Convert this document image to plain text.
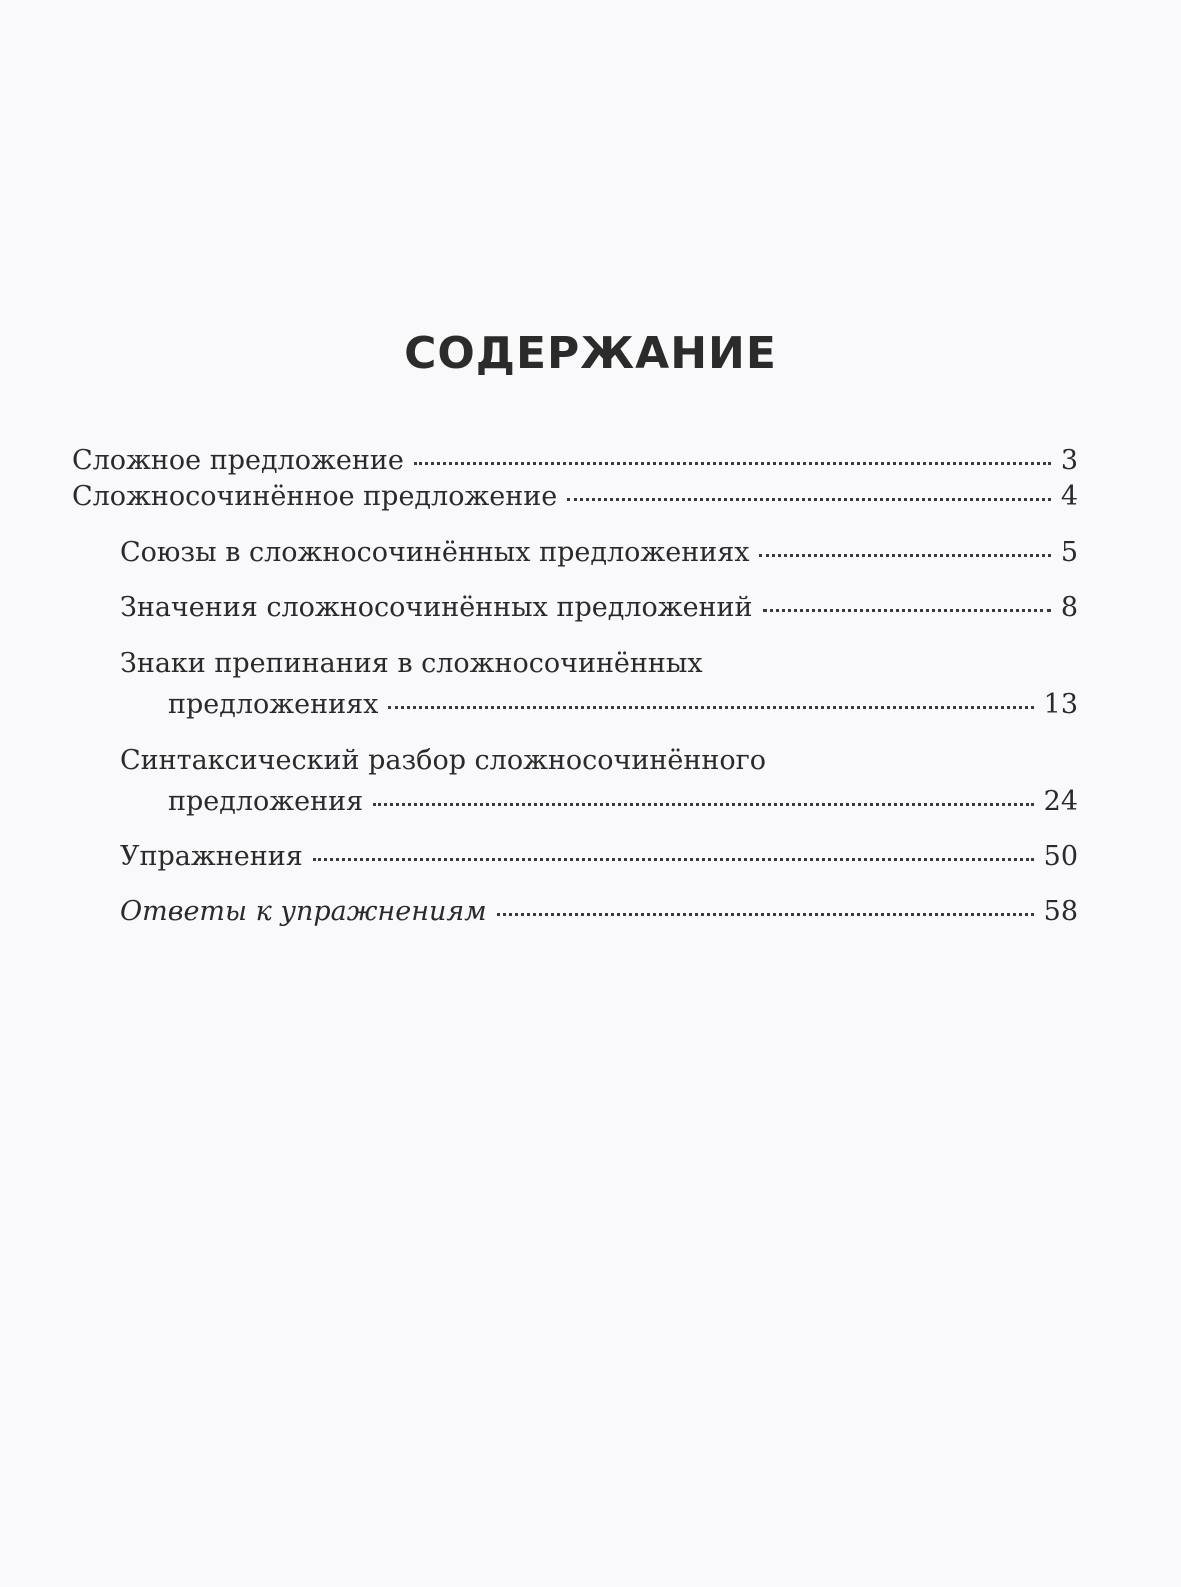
СОДЕРЖАНИЕ
Сложное предложение	3
Сложносочинённое предложение	4
Союзы в сложносочинённых предложениях	5
Значения сложносочинённых предложений	8
Знаки препинания в сложносочинённых
предложениях	13
Синтаксический разбор сложносочинённого
предложения	24
Упражнения	50
Ответы к упражнениям	58
